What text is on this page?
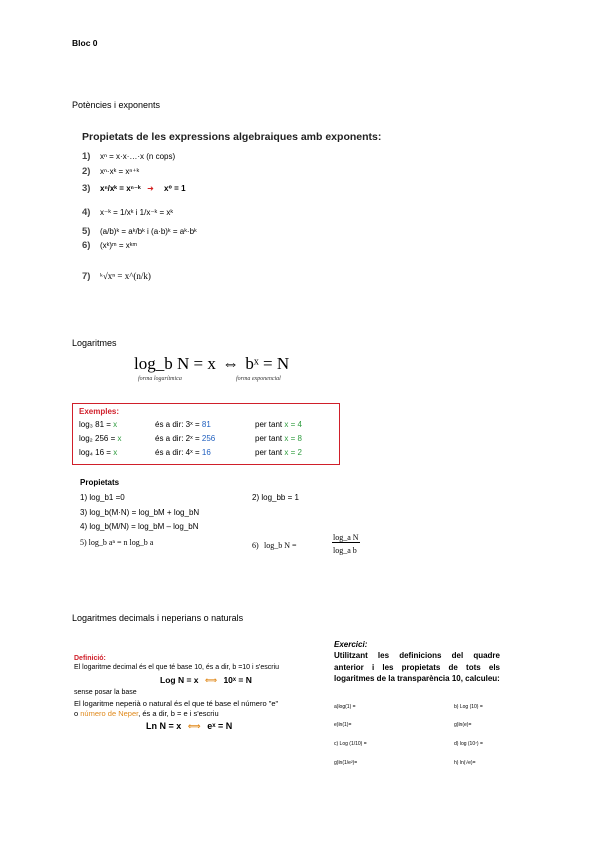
Bloc 0
Potències i exponents
Propietats de les expressions algebraiques amb exponents:
1) xⁿ = x·x·…·x (n cops)
2) xⁿ·xᵏ = xⁿ⁺ᵏ
3) xⁿ/xᵏ = xⁿ⁻ᵏ ➜ x⁰ = 1
4) x⁻ᵏ = 1/xᵏ i 1/x⁻ᵏ = xᵏ
5) (a/b)ᵏ = aᵏ/bᵏ i (a·b)ᵏ = aᵏ·bᵏ
6) (xᵏ)ᵐ = xᵏᵐ
7) ᵏ√xⁿ = x^(n/k)
Logaritmes
log_b N = x ⇔ bˣ = N
forma logarítmica	forma exponencial
Exemples:
log₃ 81 = x	és a dir: 3ˣ = 81	per tant x = 4
log₂ 256 = x	és a dir: 2ˣ = 256	per tant x = 8
log₄ 16 = x	és a dir: 4ˣ = 16	per tant x = 2
Propietats
1) log_b1 =0	2) log_bb = 1
3) log_b(M·N) = log_bM + log_bN
4) log_b(M/N) = log_bM – log_bN
5) log_b aⁿ = n log_b a	6) log_b N =
log_a N
log_a b
Logaritmes decimals i neperians o naturals
Definició:
El logaritme decimal és el que té base 10, és a dir, b =10 i s'escriu
Log N = x ⟺ 10ˣ = N
sense posar la base
El logaritme neperià o natural és el que té base el número "e"
o número de Neper, és a dir, b = e i s'escriu
Ln N = x ⟺ eˣ = N
Exercici:
Utilitzant les definicions del quadre anterior i les propietats de tots els logaritmes de la transparència 10, calculeu:
a)log(1) =	b) Log (10) =
e)ln(1)=	g)ln(e)=
c) Log (1/10) =	d) log (10⁷) =
g)ln(1/e²)=	h) ln(√e)=
